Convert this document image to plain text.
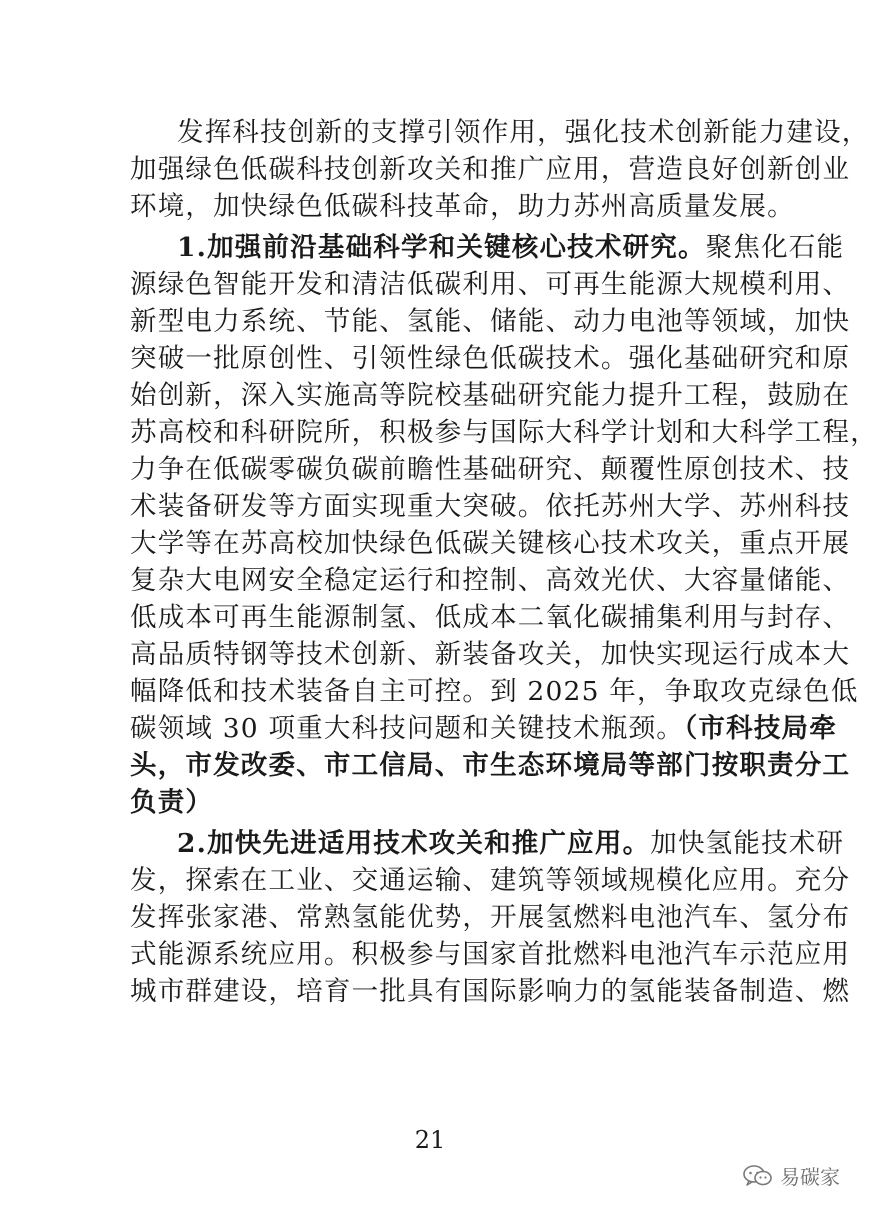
发挥科技创新的支撑引领作用，强化技术创新能力建设，
加强绿色低碳科技创新攻关和推广应用，营造良好创新创业
环境，加快绿色低碳科技革命，助力苏州高质量发展。
1.加强前沿基础科学和关键核心技术研究。聚焦化石能
源绿色智能开发和清洁低碳利用、可再生能源大规模利用、
新型电力系统、节能、氢能、储能、动力电池等领域，加快
突破一批原创性、引领性绿色低碳技术。强化基础研究和原
始创新，深入实施高等院校基础研究能力提升工程，鼓励在
苏高校和科研院所，积极参与国际大科学计划和大科学工程，
力争在低碳零碳负碳前瞻性基础研究、颠覆性原创技术、技
术装备研发等方面实现重大突破。依托苏州大学、苏州科技
大学等在苏高校加快绿色低碳关键核心技术攻关，重点开展
复杂大电网安全稳定运行和控制、高效光伏、大容量储能、
低成本可再生能源制氢、低成本二氧化碳捕集利用与封存、
高品质特钢等技术创新、新装备攻关，加快实现运行成本大
幅降低和技术装备自主可控。到 2025 年，争取攻克绿色低
碳领域 30 项重大科技问题和关键技术瓶颈。（市科技局牵
头，市发改委、市工信局、市生态环境局等部门按职责分工
负责）
2.加快先进适用技术攻关和推广应用。加快氢能技术研
发，探索在工业、交通运输、建筑等领域规模化应用。充分
发挥张家港、常熟氢能优势，开展氢燃料电池汽车、氢分布
式能源系统应用。积极参与国家首批燃料电池汽车示范应用
城市群建设，培育一批具有国际影响力的氢能装备制造、燃
21
易碳家
